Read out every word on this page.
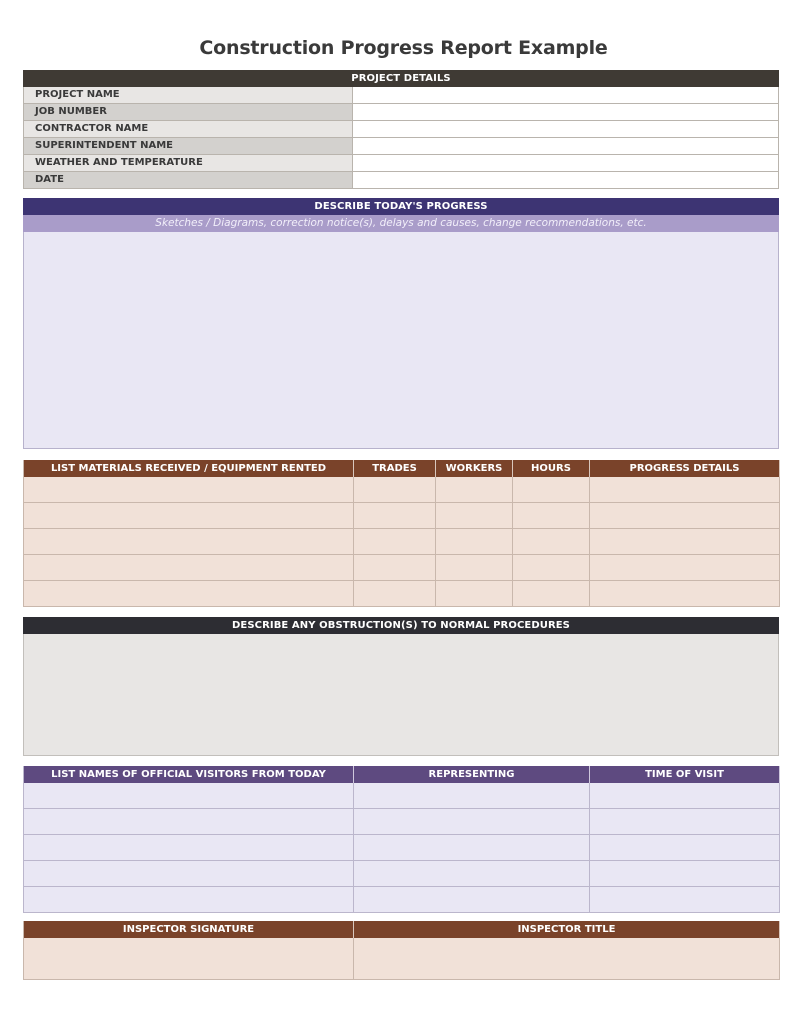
Construction Progress Report Example
PROJECT DETAILS
PROJECT NAME
JOB NUMBER
CONTRACTOR NAME
SUPERINTENDENT NAME
WEATHER AND TEMPERATURE
DATE
DESCRIBE TODAY'S PROGRESS
Sketches / Diagrams, correction notice(s), delays and causes, change recommendations, etc.
LIST MATERIALS RECEIVED / EQUIPMENT RENTED	TRADES	WORKERS	HOURS	PROGRESS DETAILS
DESCRIBE ANY OBSTRUCTION(S) TO NORMAL PROCEDURES
LIST NAMES OF OFFICIAL VISITORS FROM TODAY	REPRESENTING	TIME OF VISIT
INSPECTOR SIGNATURE	INSPECTOR TITLE
